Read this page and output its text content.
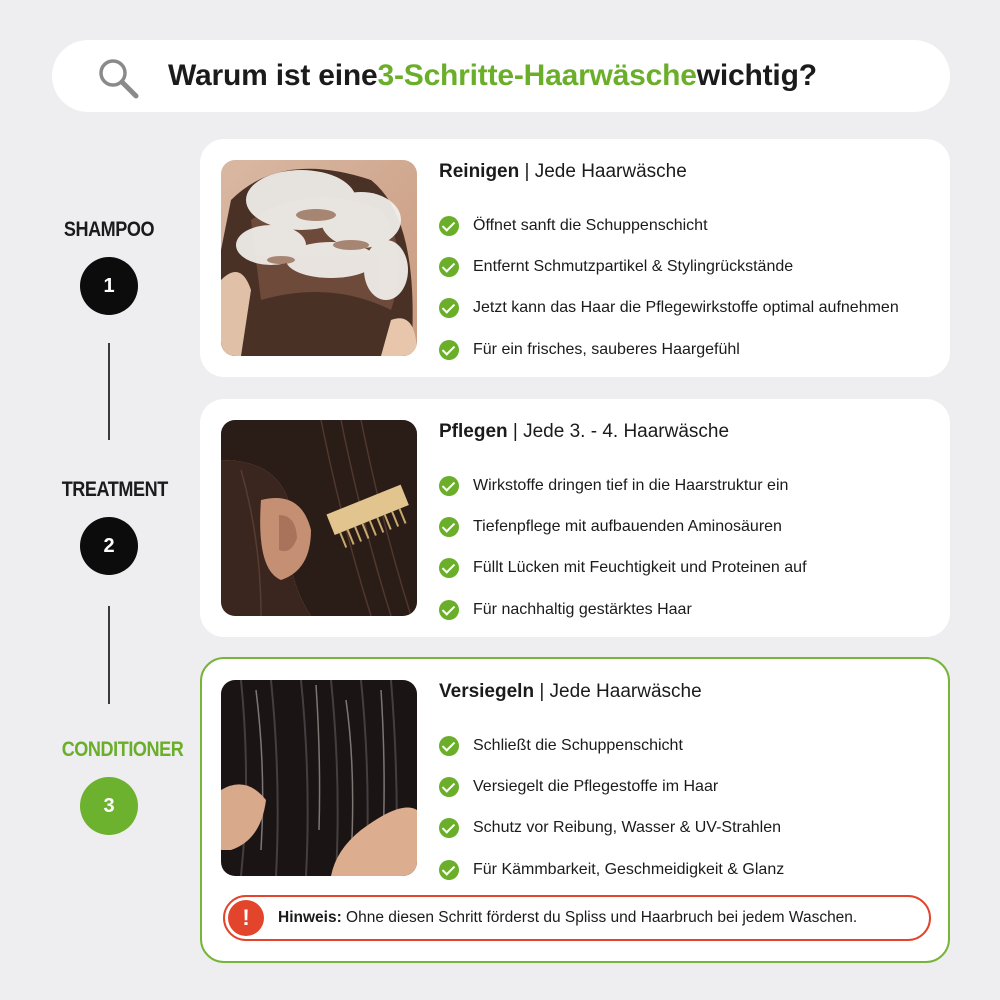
Warum ist eine 3-Schritte-Haarwäsche wichtig?
SHAMPOO
1
TREATMENT
2
CONDITIONER
3
Reinigen | Jede Haarwäsche
Öffnet sanft die Schuppenschicht
Entfernt Schmutzpartikel & Stylingrückstände
Jetzt kann das Haar die Pflegewirkstoffe optimal aufnehmen
Für ein frisches, sauberes Haargefühl
Pflegen | Jede 3. - 4. Haarwäsche
Wirkstoffe dringen tief in die Haarstruktur ein
Tiefenpflege mit aufbauenden Aminosäuren
Füllt Lücken mit Feuchtigkeit und Proteinen auf
Für nachhaltig gestärktes Haar
Versiegeln | Jede Haarwäsche
Schließt die Schuppenschicht
Versiegelt die Pflegestoffe im Haar
Schutz vor Reibung, Wasser & UV-Strahlen
Für Kämmbarkeit, Geschmeidigkeit & Glanz
!	Hinweis: Ohne diesen Schritt förderst du Spliss und Haarbruch bei jedem Waschen.
